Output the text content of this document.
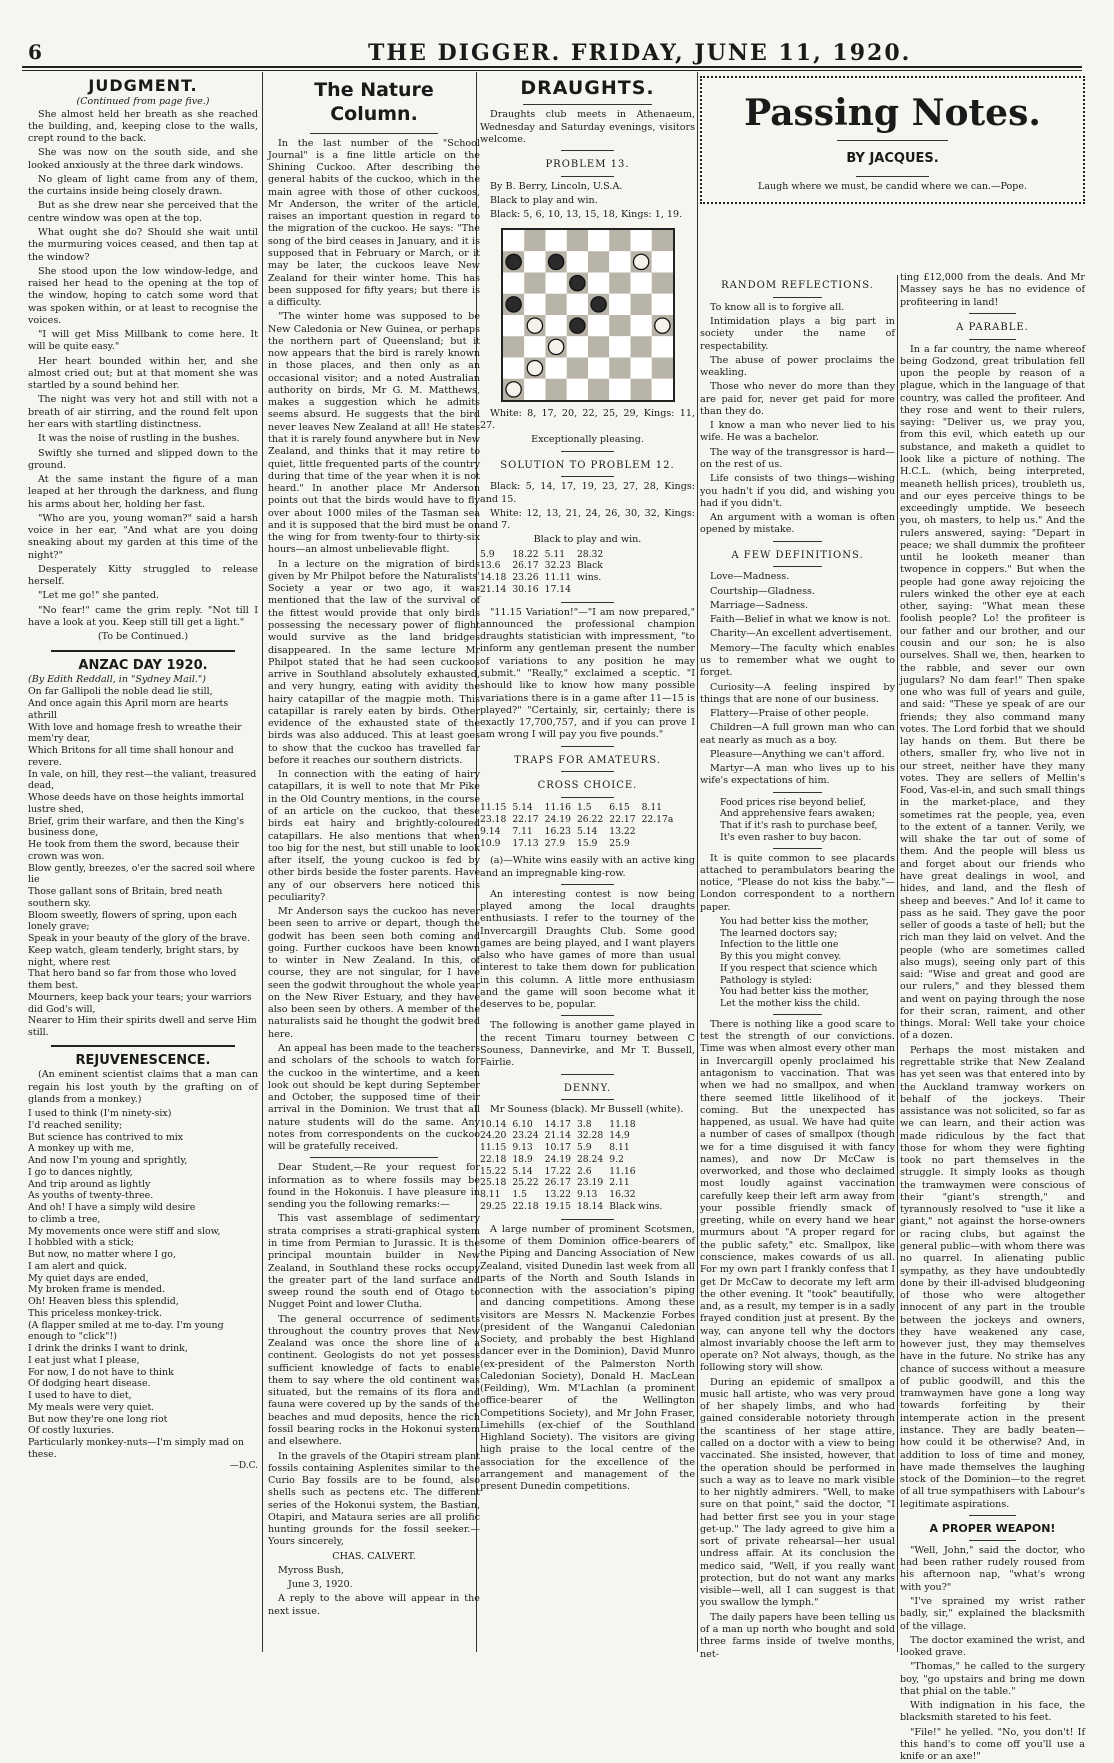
6	THE DIGGER. FRIDAY, JUNE 11, 1920.
JUDGMENT.
(Continued from page five.)

She almost held her breath as she reached the building, and, keeping close to the walls, crept round to the back.

She was now on the south side, and she looked anxiously at the three dark windows.

No gleam of light came from any of them, the curtains inside being closely drawn.

But as she drew near she perceived that the centre window was open at the top.

What ought she do? Should she wait until the murmuring voices ceased, and then tap at the window?

She stood upon the low window-ledge, and raised her head to the opening at the top of the window, hoping to catch some word that was spoken within, or at least to recognise the voices.

"I will get Miss Millbank to come here. It will be quite easy."

Her heart bounded within her, and she almost cried out; but at that moment she was startled by a sound behind her.

The night was very hot and still with not a breath of air stirring, and the round felt upon her ears with startling distinctness.

It was the noise of rustling in the bushes.

Swiftly she turned and slipped down to the ground.

At the same instant the figure of a man leaped at her through the darkness, and flung his arms about her, holding her fast.

"Who are you, young woman?" said a harsh voice in her ear, "And what are you doing sneaking about my garden at this time of the night?"

Desperately Kitty struggled to release herself.

"Let me go!" she panted.

"No fear!" came the grim reply. "Not till I have a look at you. Keep still till get a light."

(To be Continued.)

ANZAC DAY 1920.
(By Edith Reddall, in "Sydney Mail.")
On far Gallipoli the noble dead lie still,
And once again this April morn are hearts athrill
With love and homage fresh to wreathe their mem'ry dear,
Which Britons for all time shall honour and revere.
In vale, on hill, they rest—the valiant, treasured dead,
Whose deeds have on those heights immortal lustre shed,
Brief, grim their warfare, and then the King's business done,
He took from them the sword, because their crown was won.
Blow gently, breezes, o'er the sacred soil where lie
Those gallant sons of Britain, bred neath southern sky.
Bloom sweetly, flowers of spring, upon each lonely grave;
Speak in your beauty of the glory of the brave.
Keep watch, gleam tenderly, bright stars, by night, where rest
That hero band so far from those who loved them best.
Mourners, keep back your tears; your warriors did God's will,
Nearer to Him their spirits dwell and serve Him still.
REJUVENESCENCE.

(An eminent scientist claims that a man can regain his lost youth by the grafting on of glands from a monkey.)

I used to think (I'm ninety-six)
I'd reached senility;
But science has contrived to mix
A monkey up with me,
And now I'm young and sprightly,
I go to dances nightly,
And trip around as lightly
As youths of twenty-three.
And oh! I have a simply wild desire
to climb a tree,
My movements once were stiff and slow,
I hobbled with a stick;
But now, no matter where I go,
I am alert and quick.
My quiet days are ended,
My broken frame is mended.
Oh! Heaven bless this splendid,
This priceless monkey-trick.
(A flapper smiled at me to-day. I'm young enough to "click"!)
I drink the drinks I want to drink,
I eat just what I please,
For now, I do not have to think
Of dodging heart disease.
I used to have to diet,
My meals were very quiet.
But now they're one long riot
Of costly luxuries.
Particularly monkey-nuts—I'm simply mad on these.
—D.C.
The Nature Column.

In the last number of the "School Journal" is a fine little article on the Shining Cuckoo. After describing the general habits of the cuckoo, which in the main agree with those of other cuckoos, Mr Anderson, the writer of the article, raises an important question in regard to the migration of the cuckoo. He says: "The song of the bird ceases in January, and it is supposed that in February or March, or it may be later, the cuckoos leave New Zealand for their winter home. This has been supposed for fifty years; but there is a difficulty.

"The winter home was supposed to be New Caledonia or New Guinea, or perhaps the northern part of Queensland; but it now appears that the bird is rarely known in those places, and then only as an occasional visitor; and a noted Australian authority on birds, Mr G. M. Matthews, makes a suggestion which he admits seems absurd. He suggests that the bird never leaves New Zealand at all! He states that it is rarely found anywhere but in New Zealand, and thinks that it may retire to quiet, little frequented parts of the country during that time of the year when it is not heard." In another place Mr Anderson points out that the birds would have to fly over about 1000 miles of the Tasman sea and it is supposed that the bird must be on the wing for from twenty-four to thirty-six hours—an almost unbelievable flight.

In a lecture on the migration of birds given by Mr Philpot before the Naturalists' Society a year or two ago, it was mentioned that the law of the survival of the fittest would provide that only birds possessing the necessary power of flight would survive as the land bridges disappeared. In the same lecture Mr Philpot stated that he had seen cuckoos arrive in Southland absolutely exhausted, and very hungry, eating with avidity the hairy catapillar of the magpie moth. This catapillar is rarely eaten by birds. Other evidence of the exhausted state of the birds was also adduced. This at least goes to show that the cuckoo has travelled far before it reaches our southern districts.

In connection with the eating of hairy catapillars, it is well to note that Mr Pike in the Old Country mentions, in the course of an article on the cuckoo, that these birds eat hairy and brightly-coloured catapillars. He also mentions that when too big for the nest, but still unable to look after itself, the young cuckoo is fed by other birds beside the foster parents. Have any of our observers here noticed this peculiarity?

Mr Anderson says the cuckoo has never been seen to arrive or depart, though the godwit has been seen both coming and going. Further cuckoos have been known to winter in New Zealand. In this, of course, they are not singular, for I have seen the godwit throughout the whole year on the New River Estuary, and they have also been seen by others. A member of the naturalists said he thought the godwit bred here.

An appeal has been made to the teachers and scholars of the schools to watch for the cuckoo in the wintertime, and a keen look out should be kept during September and October, the supposed time of their arrival in the Dominion. We trust that all nature students will do the same. Any notes from correspondents on the cuckoo will be gratefully received.

Dear Student,—Re your request for information as to where fossils may be found in the Hokonuis. I have pleasure in sending you the following remarks:—

This vast assemblage of sedimentary strata comprises a strati-graphical system in time from Permian to Jurassic. It is the principal mountain builder in New Zealand, in Southland these rocks occupy the greater part of the land surface and sweep round the south end of Otago to Nugget Point and lower Clutha.

The general occurrence of sediments throughout the country proves that New Zealand was once the shore line of a continent. Geologists do not yet possess sufficient knowledge of facts to enable them to say where the old continent was situated, but the remains of its flora and fauna were covered up by the sands of the beaches and mud deposits, hence the rich fossil bearing rocks in the Hokonui system and elsewhere.

In the gravels of the Otapiri stream plant fossils containing Asplenites similar to the Curio Bay fossils are to be found, also shells such as pectens etc. The different series of the Hokonui system, the Bastian, Otapiri, and Mataura series are all prolific hunting grounds for the fossil seeker.—Yours sincerely,

CHAS. CALVERT.

Myross Bush,

June 3, 1920.

A reply to the above will appear in the next issue.

DRAUGHTS.

Draughts club meets in Athenaeum, Wednesday and Saturday evenings, visitors welcome.

PROBLEM 13.

By B. Berry, Lincoln, U.S.A.

Black to play and win.

Black: 5, 6, 10, 13, 15, 18, Kings: 1, 19.

White: 8, 17, 20, 22, 25, 29, Kings: 11, 27.

Exceptionally pleasing.

SOLUTION TO PROBLEM 12.

Black: 5, 14, 17, 19, 23, 27, 28, Kings: and 15.

White: 12, 13, 21, 24, 26, 30, 32, Kings: and 7.

Black to play and win.

5.9	18.22	5.11	28.32
13.6	26.17	32.23	Black
14.18	23.26	11.11	wins.
21.14	30.16	17.14	

"11.15 Variation!"—"I am now prepared," announced the professional champion draughts statistician with impressment, "to inform any gentleman present the number of variations to any position he may submit." "Really," exclaimed a sceptic. "I should like to know how many possible variations there is in a game after 11—15 is played?" "Certainly, sir, certainly; there is exactly 17,700,757, and if you can prove I am wrong I will pay you five pounds."

TRAPS FOR AMATEURS.
CROSS CHOICE.
11.15	5.14	11.16	1.5	6.15	8.11
23.18	22.17	24.19	26.22	22.17	22.17a
9.14	7.11	16.23	5.14	13.22	
10.9	17.13	27.9	15.9	25.9	

(a)—White wins easily with an active king and an impregnable king-row.

An interesting contest is now being played among the local draughts enthusiasts. I refer to the tourney of the Invercargill Draughts Club. Some good games are being played, and I want players also who have games of more than usual interest to take them down for publication in this column. A little more enthusiasm and the game will soon become what it deserves to be, popular.

The following is another game played in the recent Timaru tourney between C Souness, Dannevirke, and Mr T. Bussell, Fairlie.

DENNY.

Mr Souness (black). Mr Bussell (white).

10.14	6.10	14.17	3.8	11.18
24.20	23.24	21.14	32.28	14.9
11.15	9.13	10.17	5.9	8.11
22.18	18.9	24.19	28.24	9.2
15.22	5.14	17.22	2.6	11.16
25.18	25.22	26.17	23.19	2.11
8.11	1.5	13.22	9.13	16.32
29.25	22.18	19.15	18.14	Black wins.

A large number of prominent Scotsmen, some of them Dominion office-bearers of the Piping and Dancing Association of New Zealand, visited Dunedin last week from all parts of the North and South Islands in connection with the association's piping and dancing competitions. Among these visitors are Messrs N. Mackenzie Forbes (president of the Wanganui Caledonian Society, and probably the best Highland dancer ever in the Dominion), David Munro (ex-president of the Palmerston North Caledonian Society), Donald H. MacLean (Feilding), Wm. M'Lachlan (a prominent office-bearer of the Wellington Competitions Society), and Mr John Fraser, Limehills (ex-chief of the Southland Highland Society). The visitors are giving high praise to the local centre of the association for the excellence of the arrangement and management of the present Dunedin competitions.

Passing Notes.
BY JACQUES.
Laugh where we must, be candid where we can.—Pope.
RANDOM REFLECTIONS.

To know all is to forgive all.

Intimidation plays a big part in society under the name of respectability.

The abuse of power proclaims the weakling.

Those who never do more than they are paid for, never get paid for more than they do.

I know a man who never lied to his wife. He was a bachelor.

The way of the transgressor is hard—on the rest of us.

Life consists of two things—wishing you hadn't if you did, and wishing you had if you didn't.

An argument with a woman is often opened by mistake.

A FEW DEFINITIONS.

Love—Madness.

Courtship—Gladness.

Marriage—Sadness.

Faith—Belief in what we know is not.

Charity—An excellent advertisement.

Memory—The faculty which enables us to remember what we ought to forget.

Curiosity—A feeling inspired by things that are none of our business.

Flattery—Praise of other people.

Children—A full grown man who can eat nearly as much as a boy.

Pleasure—Anything we can't afford.

Martyr—A man who lives up to his wife's expectations of him.

Food prices rise beyond belief,
And apprehensive fears awaken;
That if it's rash to purchase beef,
It's even rasher to buy bacon.

It is quite common to see placards attached to perambulators bearing the notice, "Please do not kiss the baby."—London correspondent to a northern paper.

You had better kiss the mother,
The learned doctors say;
Infection to the little one
By this you might convey.
If you respect that science which
Pathology is styled:
You had better kiss the mother,
Let the mother kiss the child.

There is nothing like a good scare to test the strength of our convictions. Time was when almost every other man in Invercargill openly proclaimed his antagonism to vaccination. That was when we had no smallpox, and when there seemed little likelihood of it coming. But the unexpected has happened, as usual. We have had quite a number of cases of smallpox (though we for a time disguised it with fancy names), and now Dr McCaw is overworked, and those who declaimed most loudly against vaccination carefully keep their left arm away from your possible friendly smack of greeting, while on every hand we hear murmurs about "A proper regard for the public safety," etc. Smallpox, like conscience, makes cowards of us all. For my own part I frankly confess that I get Dr McCaw to decorate my left arm the other evening. It "took" beautifully, and, as a result, my temper is in a sadly frayed condition just at present. By the way, can anyone tell why the doctors almost invariably choose the left arm to operate on? Not always, though, as the following story will show.

During an epidemic of smallpox a music hall artiste, who was very proud of her shapely limbs, and who had gained considerable notoriety through the scantiness of her stage attire, called on a doctor with a view to being vaccinated. She insisted, however, that the operation should be performed in such a way as to leave no mark visible to her nightly admirers. "Well, to make sure on that point," said the doctor, "I had better first see you in your stage get-up." The lady agreed to give him a sort of private rehearsal—her usual undress affair. At its conclusion the medico said, "Well, if you really want protection, but do not want any marks visible—well, all I can suggest is that you swallow the lymph."

The daily papers have been telling us of a man up north who bought and sold three farms inside of twelve months, net-

ting £12,000 from the deals. And Mr Massey says he has no evidence of profiteering in land!

A PARABLE.

In a far country, the name whereof being Godzond, great tribulation fell upon the people by reason of a plague, which in the language of that country, was called the profiteer. And they rose and went to their rulers, saying: "Deliver us, we pray you, from this evil, which eateth up our substance, and maketh a quidlet to look like a picture of nothing. The H.C.L. (which, being interpreted, meaneth hellish prices), troubleth us, and our eyes perceive things to be exceedingly umptide. We beseech you, oh masters, to help us." And the rulers answered, saying: "Depart in peace; we shall dummix the profiteer until he looketh meaner than twopence in coppers." But when the people had gone away rejoicing the rulers winked the other eye at each other, saying: "What mean these foolish people? Lo! the profiteer is our father and our brother, and our cousin and our son; he is also ourselves. Shall we, then, hearken to the rabble, and sever our own jugulars? No dam fear!" Then spake one who was full of years and guile, and said: "These ye speak of are our friends; they also command many votes. The Lord forbid that we should lay hands on them. But there be others, smaller fry, who live not in our street, neither have they many votes. They are sellers of Mellin's Food, Vas-el-in, and such small things in the market-place, and they sometimes rat the people, yea, even to the extent of a tanner. Verily, we will shake the tar out of some of them. And the people will bless us and forget about our friends who have great dealings in wool, and hides, and land, and the flesh of sheep and beeves." And lo! it came to pass as he said. They gave the poor seller of goods a taste of hell; but the rich man they laid on velvet. And the people (who are sometimes called also mugs), seeing only part of this said: "Wise and great and good are our rulers," and they blessed them and went on paying through the nose for their scran, raiment, and other things. Moral: Well take your choice of a dozen.

Perhaps the most mistaken and regrettable strike that New Zealand has yet seen was that entered into by the Auckland tramway workers on behalf of the jockeys. Their assistance was not solicited, so far as we can learn, and their action was made ridiculous by the fact that those for whom they were fighting took no part themselves in the struggle. It simply looks as though the tramwaymen were conscious of their "giant's strength," and tyrannously resolved to "use it like a giant," not against the horse-owners or racing clubs, but against the general public—with whom there was no quarrel. In alienating public sympathy, as they have undoubtedly done by their ill-advised bludgeoning of those who were altogether innocent of any part in the trouble between the jockeys and owners, they have weakened any case, however just, they may themselves have in the future. No strike has any chance of success without a measure of public goodwill, and this the tramwaymen have gone a long way towards forfeiting by their intemperate action in the present instance. They are badly beaten—how could it be otherwise? And, in addition to loss of time and money, have made themselves the laughing stock of the Dominion—to the regret of all true sympathisers with Labour's legitimate aspirations.

A PROPER WEAPON!

"Well, John," said the doctor, who had been rather rudely roused from his afternoon nap, "what's wrong with you?"

"I've sprained my wrist rather badly, sir," explained the blacksmith of the village.

The doctor examined the wrist, and looked grave.

"Thomas," he called to the surgery boy, "go upstairs and bring me down that phial on the table."

With indignation in his face, the blacksmith stareted to his feet.

"File!" he yelled. "No, you don't! If this hand's to come off you'll use a knife or an axe!"
